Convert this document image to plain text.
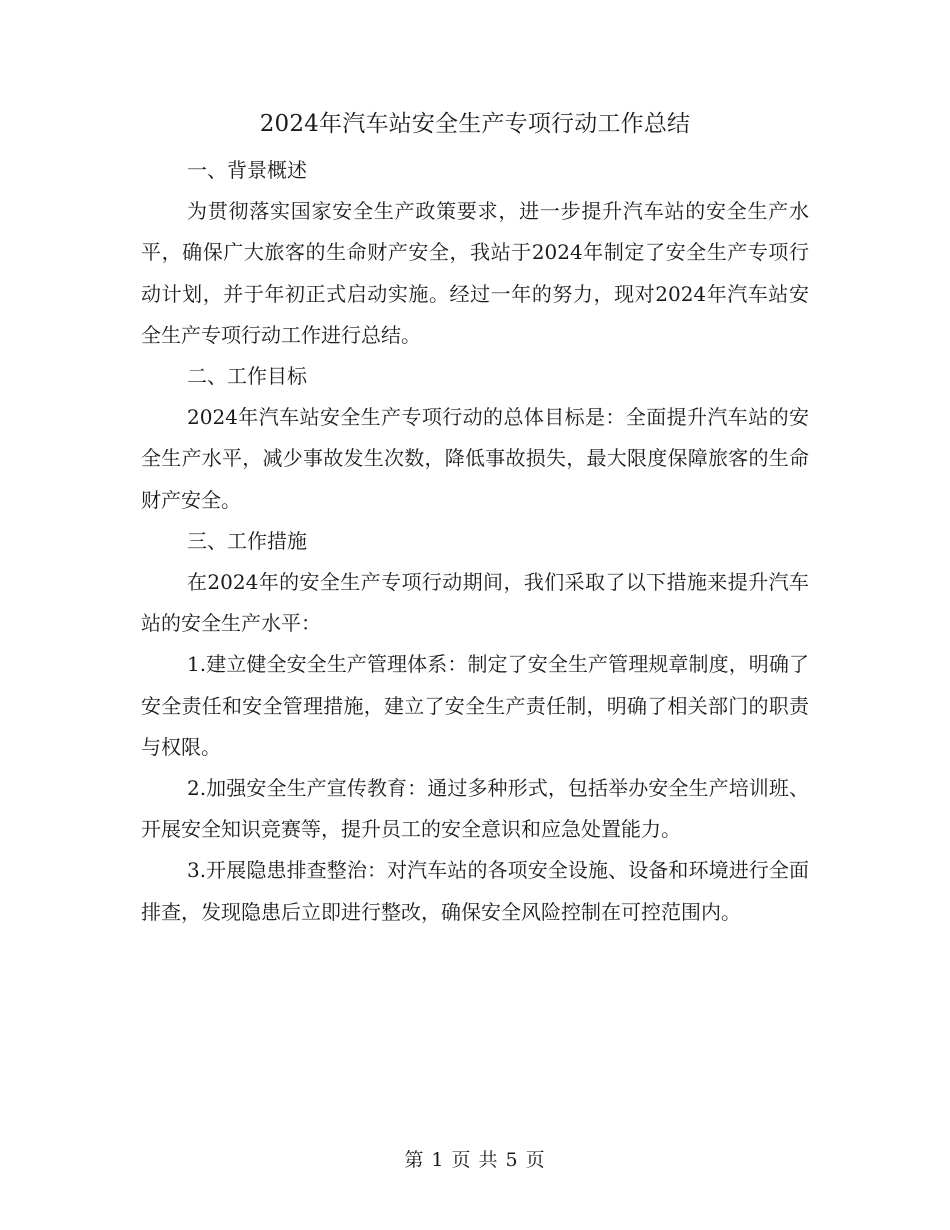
2024年汽车站安全生产专项行动工作总结

一、背景概述

为贯彻落实国家安全生产政策要求，进一步提升汽车站的安全生产水平，确保广大旅客的生命财产安全，我站于2024年制定了安全生产专项行动计划，并于年初正式启动实施。经过一年的努力，现对2024年汽车站安全生产专项行动工作进行总结。

二、工作目标

2024年汽车站安全生产专项行动的总体目标是：全面提升汽车站的安全生产水平，减少事故发生次数，降低事故损失，最大限度保障旅客的生命财产安全。

三、工作措施

在2024年的安全生产专项行动期间，我们采取了以下措施来提升汽车站的安全生产水平：

1.建立健全安全生产管理体系：制定了安全生产管理规章制度，明确了安全责任和安全管理措施，建立了安全生产责任制，明确了相关部门的职责与权限。

2.加强安全生产宣传教育：通过多种形式，包括举办安全生产培训班、开展安全知识竞赛等，提升员工的安全意识和应急处置能力。

3.开展隐患排查整治：对汽车站的各项安全设施、设备和环境进行全面排查，发现隐患后立即进行整改，确保安全风险控制在可控范围内。

第 1 页 共 5 页
